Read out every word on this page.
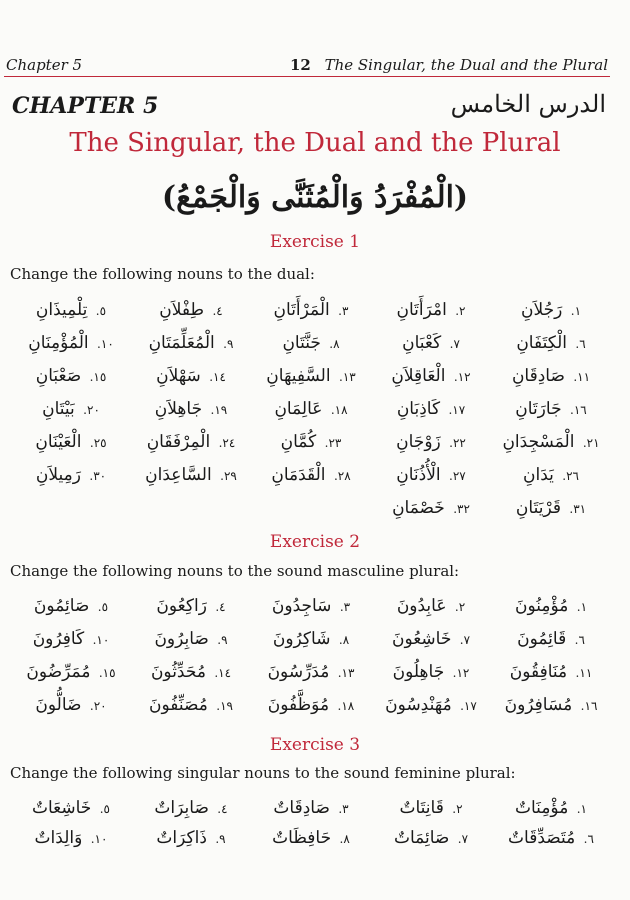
Chapter 5	12 The Singular, the Dual and the Plural
CHAPTER 5	الدرس الخامس
The Singular, the Dual and the Plural
(الْمُفْرَدُ وَالْمُثَنَّى وَالْجَمْعُ)
Exercise 1
Change the following nouns to the dual:
١. رَجُلاَنِ
٢. امْرَأَتَانِ
٣. الْمَرْأَتَانِ
٤. طِفْلاَنِ
٥. تِلْمِيذَانِ
٦. الْكِتَفَانِ
٧. كَعْبَانِ
٨. جَنَّتَانِ
٩. الْمُعَلِّمَتَانِ
١٠. الْمُؤْمِنَانِ
١١. صَادِقَانِ
١٢. الْعَاقِلاَنِ
١٣. السَّفِيهَانِ
١٤. سَهْلاَنِ
١٥. صَعْبَانِ
١٦. جَارَتَانِ
١٧. كَاذِبَانِ
١٨. عَالِمَانِ
١٩. جَاهِلاَنِ
٢٠. بَيْتَانِ
٢١. الْمَسْجِدَانِ
٢٢. زَوْجَانِ
٢٣. كُمَّانِ
٢٤. الْمِرْفَقَانِ
٢٥. الْعَيْنَانِ
٢٦. يَدَانِ
٢٧. الْأُذُنَانِ
٢٨. الْقَدَمَانِ
٢٩. السَّاعِدَانِ
٣٠. رَمِيلاَنِ
٣١. قَرْيَتَانِ
٣٢. خَصْمَانِ
Exercise 2
Change the following nouns to the sound masculine plural:
١. مُؤْمِنُونَ
٢. عَابِدُونَ
٣. سَاجِدُونَ
٤. رَاكِعُونَ
٥. صَائِمُونَ
٦. قَائِمُونَ
٧. خَاشِعُونَ
٨. شَاكِرُونَ
٩. صَابِرُونَ
١٠. كَافِرُونَ
١١. مُنَافِقُونَ
١٢. جَاهِلُونَ
١٣. مُدَرِّسُونَ
١٤. مُحَدِّثُونَ
١٥. مُمَرِّضُونَ
١٦. مُسَافِرُونَ
١٧. مُهَنْدِسُونَ
١٨. مُوَظَّفُونَ
١٩. مُصَنِّفُونَ
٢٠. ضَالُّونَ
Exercise 3
Change the following singular nouns to the sound feminine plural:
١. مُؤْمِنَاتٌ
٢. قَانِتَاتٌ
٣. صَادِقَاتٌ
٤. صَابِرَاتٌ
٥. خَاشِعَاتٌ
٦. مُتَصَدِّقَاتٌ
٧. صَائِمَاتٌ
٨. حَافِظَاتٌ
٩. ذَاكِرَاتٌ
١٠. وَالِدَاتٌ
